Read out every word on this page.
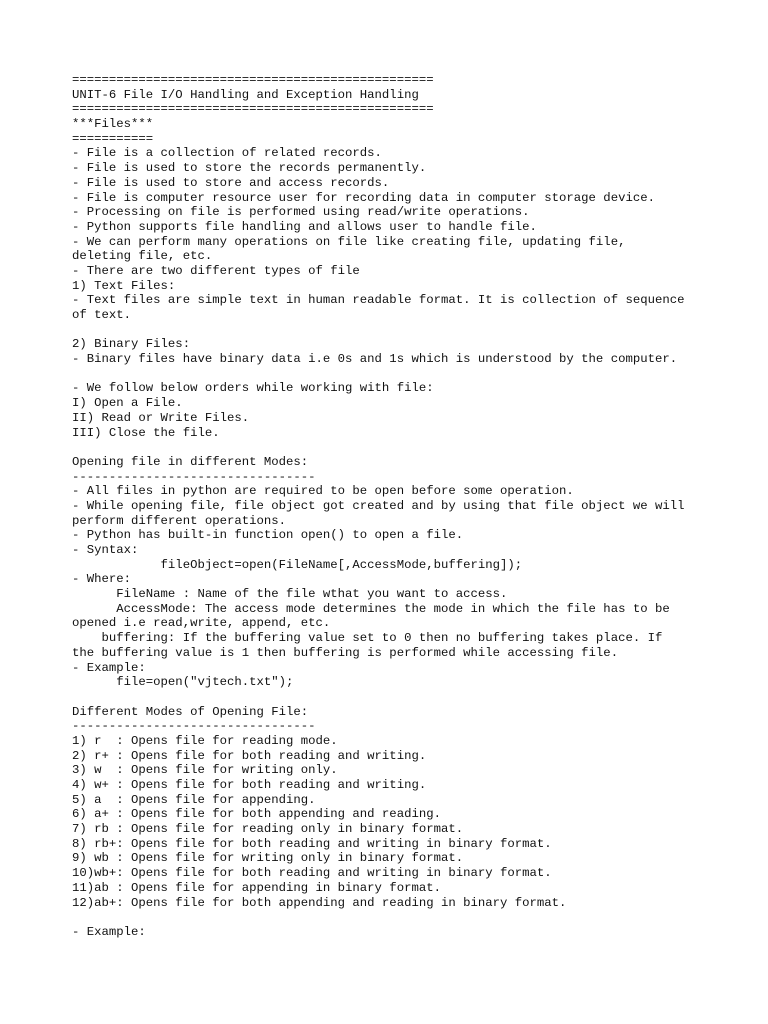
=================================================
UNIT-6 File I/O Handling and Exception Handling
=================================================
***Files***
===========
- File is a collection of related records.
- File is used to store the records permanently.
- File is used to store and access records.
- File is computer resource user for recording data in computer storage device.
- Processing on file is performed using read/write operations.
- Python supports file handling and allows user to handle file.
- We can perform many operations on file like creating file, updating file,
deleting file, etc.
- There are two different types of file
1) Text Files:
- Text files are simple text in human readable format. It is collection of sequence
of text.
2) Binary Files:
- Binary files have binary data i.e 0s and 1s which is understood by the computer.
- We follow below orders while working with file:
I) Open a File.
II) Read or Write Files.
III) Close the file.
Opening file in different Modes:
---------------------------------
- All files in python are required to be open before some operation.
- While opening file, file object got created and by using that file object we will
perform different operations.
- Python has built-in function open() to open a file.
- Syntax:
fileObject=open(FileName[,AccessMode,buffering]);
- Where:
FileName : Name of the file wthat you want to access.
AccessMode: The access mode determines the mode in which the file has to be
opened i.e read,write, append, etc.
buffering: If the buffering value set to 0 then no buffering takes place. If
the buffering value is 1 then buffering is performed while accessing file.
- Example:
file=open("vjtech.txt");
Different Modes of Opening File:
---------------------------------
1) r  : Opens file for reading mode.
2) r+ : Opens file for both reading and writing.
3) w  : Opens file for writing only.
4) w+ : Opens file for both reading and writing.
5) a  : Opens file for appending.
6) a+ : Opens file for both appending and reading.
7) rb : Opens file for reading only in binary format.
8) rb+: Opens file for both reading and writing in binary format.
9) wb : Opens file for writing only in binary format.
10)wb+: Opens file for both reading and writing in binary format.
11)ab : Opens file for appending in binary format.
12)ab+: Opens file for both appending and reading in binary format.
- Example:
